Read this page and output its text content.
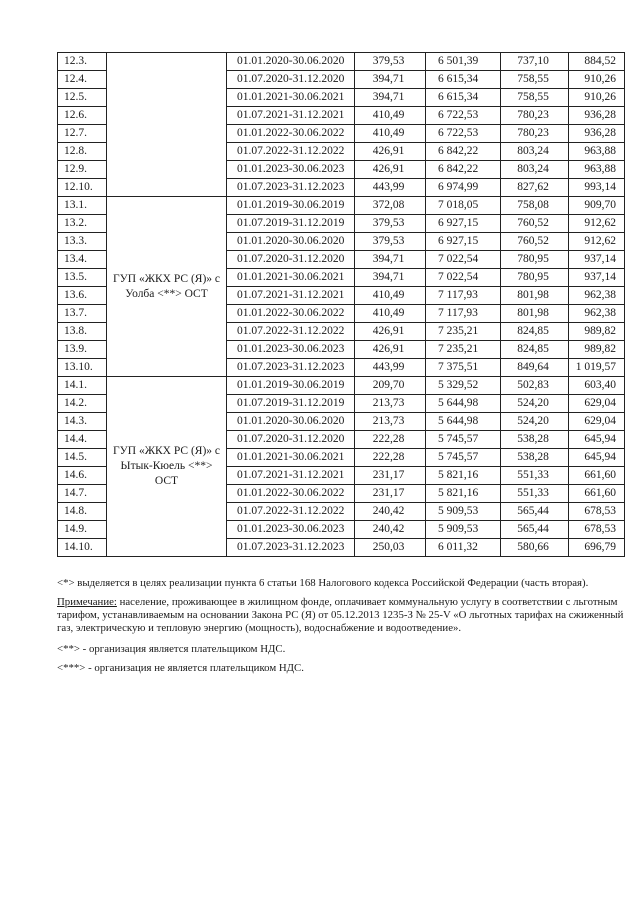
12.3.		01.01.2020-30.06.2020	379,53	6 501,39	737,10	884,52
12.4.		01.07.2020-31.12.2020	394,71	6 615,34	758,55	910,26
12.5.		01.01.2021-30.06.2021	394,71	6 615,34	758,55	910,26
12.6.		01.07.2021-31.12.2021	410,49	6 722,53	780,23	936,28
12.7.		01.01.2022-30.06.2022	410,49	6 722,53	780,23	936,28
12.8.		01.07.2022-31.12.2022	426,91	6 842,22	803,24	963,88
12.9.		01.01.2023-30.06.2023	426,91	6 842,22	803,24	963,88
12.10.		01.07.2023-31.12.2023	443,99	6 974,99	827,62	993,14
13.1.	ГУП «ЖКХ РС (Я)» с Уолба <**> ОСТ	01.01.2019-30.06.2019	372,08	7 018,05	758,08	909,70
13.2.		01.07.2019-31.12.2019	379,53	6 927,15	760,52	912,62
13.3.		01.01.2020-30.06.2020	379,53	6 927,15	760,52	912,62
13.4.		01.07.2020-31.12.2020	394,71	7 022,54	780,95	937,14
13.5.		01.01.2021-30.06.2021	394,71	7 022,54	780,95	937,14
13.6.		01.07.2021-31.12.2021	410,49	7 117,93	801,98	962,38
13.7.		01.01.2022-30.06.2022	410,49	7 117,93	801,98	962,38
13.8.		01.07.2022-31.12.2022	426,91	7 235,21	824,85	989,82
13.9.		01.01.2023-30.06.2023	426,91	7 235,21	824,85	989,82
13.10.		01.07.2023-31.12.2023	443,99	7 375,51	849,64	1 019,57
14.1.	ГУП «ЖКХ РС (Я)» с Ытык-Кюель <**> ОСТ	01.01.2019-30.06.2019	209,70	5 329,52	502,83	603,40
14.2.		01.07.2019-31.12.2019	213,73	5 644,98	524,20	629,04
14.3.		01.01.2020-30.06.2020	213,73	5 644,98	524,20	629,04
14.4.		01.07.2020-31.12.2020	222,28	5 745,57	538,28	645,94
14.5.		01.01.2021-30.06.2021	222,28	5 745,57	538,28	645,94
14.6.		01.07.2021-31.12.2021	231,17	5 821,16	551,33	661,60
14.7.		01.01.2022-30.06.2022	231,17	5 821,16	551,33	661,60
14.8.		01.07.2022-31.12.2022	240,42	5 909,53	565,44	678,53
14.9.		01.01.2023-30.06.2023	240,42	5 909,53	565,44	678,53
14.10.		01.07.2023-31.12.2023	250,03	6 011,32	580,66	696,79
<*> выделяется в целях реализации пункта 6 статьи 168 Налогового кодекса Российской Федерации (часть вторая).
Примечание: население, проживающее в жилищном фонде, оплачивает коммунальную услугу в соответствии с льготным тарифом, устанавливаемым на основании Закона РС (Я) от 05.12.2013 1235-З № 25-V «О льготных тарифах на сжиженный газ, электрическую и тепловую энергию (мощность), водоснабжение и водоотведение».
<**> - организация является плательщиком НДС.
<***> - организация не является плательщиком НДС.
